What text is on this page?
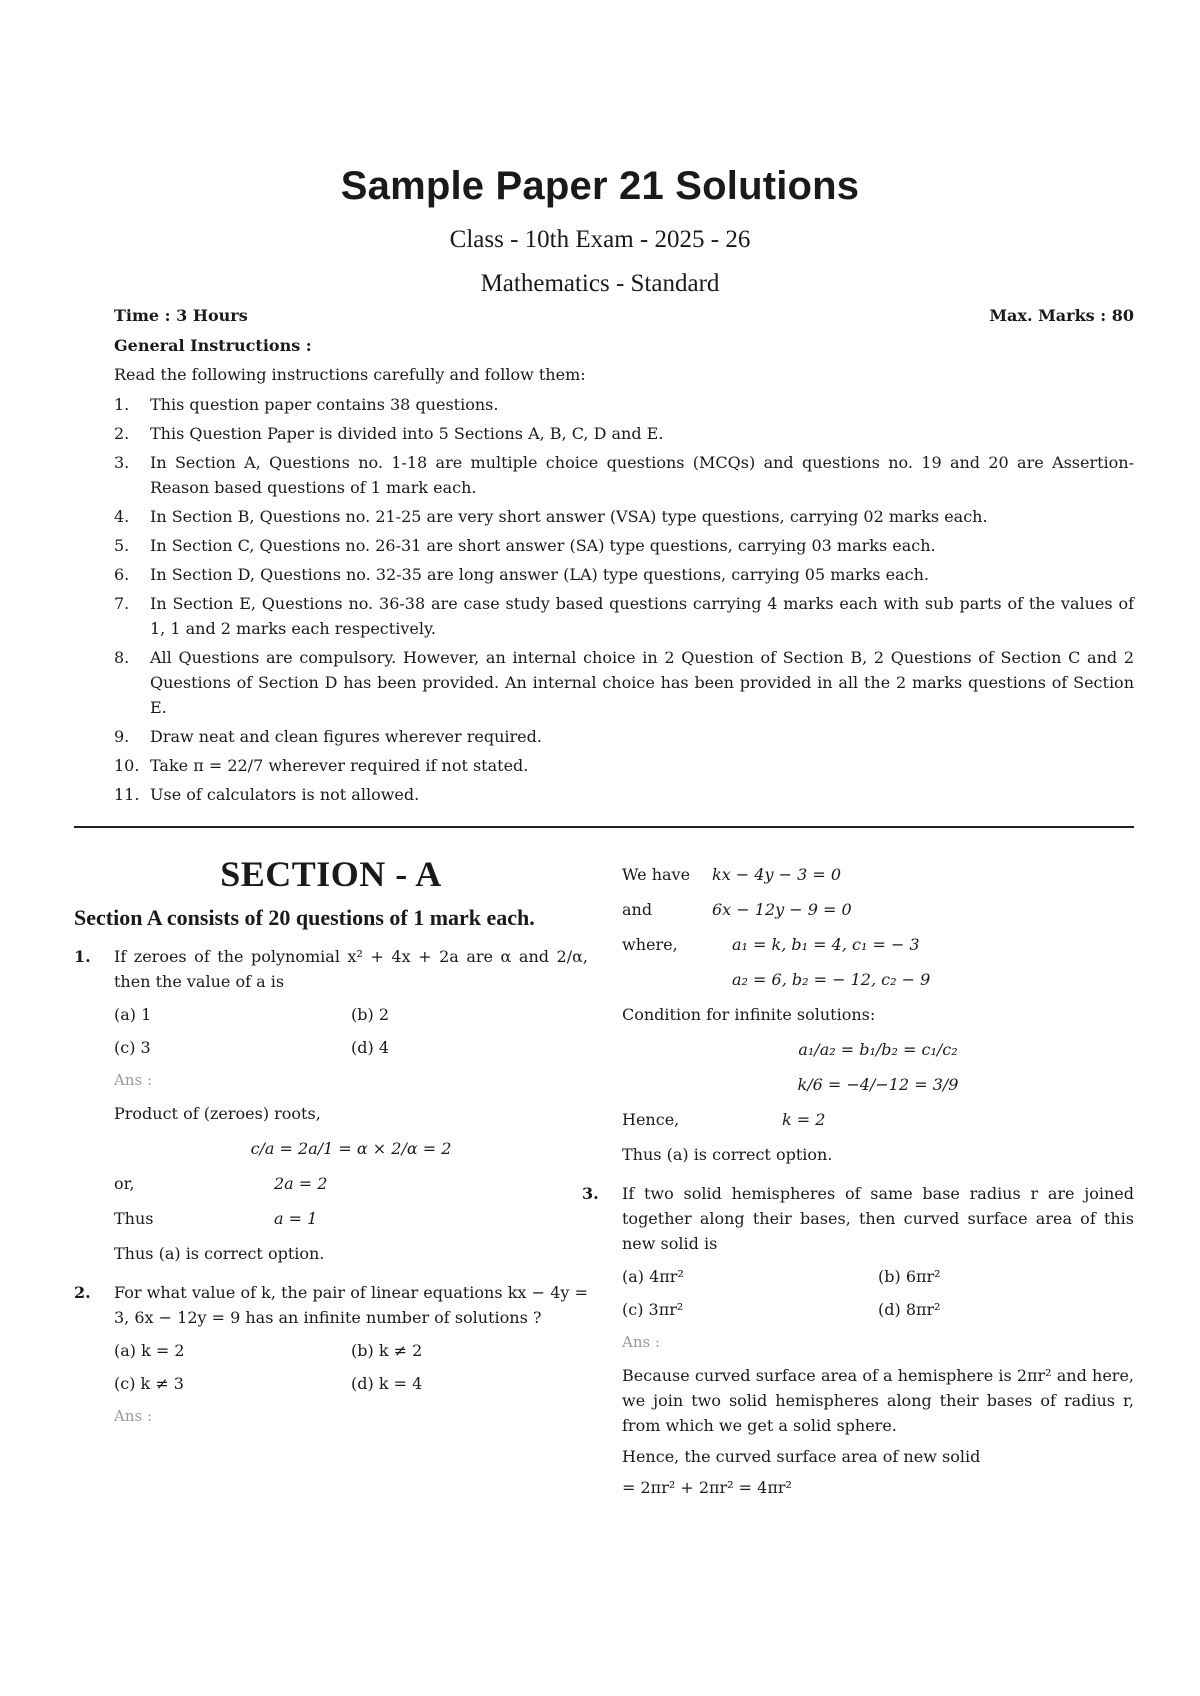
Sample Paper 21 Solutions
Class - 10th Exam - 2025 - 26
Mathematics - Standard
Time : 3 Hours	Max. Marks : 80
General Instructions :
Read the following instructions carefully and follow them:
1. This question paper contains 38 questions.
2. This Question Paper is divided into 5 Sections A, B, C, D and E.
3. In Section A, Questions no. 1-18 are multiple choice questions (MCQs) and questions no. 19 and 20 are Assertion- Reason based questions of 1 mark each.
4. In Section B, Questions no. 21-25 are very short answer (VSA) type questions, carrying 02 marks each.
5. In Section C, Questions no. 26-31 are short answer (SA) type questions, carrying 03 marks each.
6. In Section D, Questions no. 32-35 are long answer (LA) type questions, carrying 05 marks each.
7. In Section E, Questions no. 36-38 are case study based questions carrying 4 marks each with sub parts of the values of 1, 1 and 2 marks each respectively.
8. All Questions are compulsory. However, an internal choice in 2 Question of Section B, 2 Questions of Section C and 2 Questions of Section D has been provided. An internal choice has been provided in all the 2 marks questions of Section E.
9. Draw neat and clean figures wherever required.
10. Take π = 22/7 wherever required if not stated.
11. Use of calculators is not allowed.
SECTION - A
Section A consists of 20 questions of 1 mark each.
1. If zeroes of the polynomial x² + 4x + 2a are α and 2/α, then the value of a is
(a) 1	(b) 2
(c) 3	(d) 4
Ans :
Product of (zeroes) roots,
c/a = 2a/1 = α × 2/α = 2
or,	2a = 2
Thus	a = 1
Thus (a) is correct option.
2. For what value of k, the pair of linear equations kx − 4y = 3, 6x − 12y = 9 has an infinite number of solutions ?
(a) k = 2	(b) k ≠ 2
(c) k ≠ 3	(d) k = 4
Ans :
We have	kx − 4y − 3 = 0
and	6x − 12y − 9 = 0
where,	a₁ = k, b₁ = 4, c₁ = − 3
a₂ = 6, b₂ = − 12, c₂ − 9
Condition for infinite solutions:
a₁/a₂ = b₁/b₂ = c₁/c₂
k/6 = −4/−12 = 3/9
Hence,	k = 2
Thus (a) is correct option.
3. If two solid hemispheres of same base radius r are joined together along their bases, then curved surface area of this new solid is
(a) 4πr²	(b) 6πr²
(c) 3πr²	(d) 8πr²
Ans :
Because curved surface area of a hemisphere is 2πr² and here, we join two solid hemispheres along their bases of radius r, from which we get a solid sphere.
Hence, the curved surface area of new solid
= 2πr² + 2πr² = 4πr²
